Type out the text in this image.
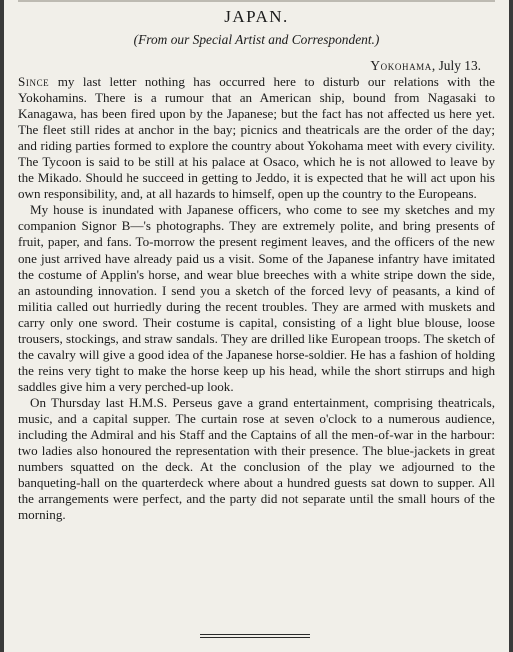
JAPAN.

(From our Special Artist and Correspondent.)

Yokohama, July 13.

Since my last letter nothing has occurred here to disturb our relations with the Yokohamins. There is a rumour that an American ship, bound from Nagasaki to Kanagawa, has been fired upon by the Japanese; but the fact has not affected us here yet. The fleet still rides at anchor in the bay; picnics and theatricals are the order of the day; and riding parties formed to explore the country about Yokohama meet with every civility. The Tycoon is said to be still at his palace at Osaco, which he is not allowed to leave by the Mikado. Should he succeed in getting to Jeddo, it is expected that he will act upon his own responsibility, and, at all hazards to himself, open up the country to the Europeans.

My house is inundated with Japanese officers, who come to see my sketches and my companion Signor B—'s photographs. They are extremely polite, and bring presents of fruit, paper, and fans. To-morrow the present regiment leaves, and the officers of the new one just arrived have already paid us a visit. Some of the Japanese infantry have imitated the costume of Applin's horse, and wear blue breeches with a white stripe down the side, an astounding innovation. I send you a sketch of the forced levy of peasants, a kind of militia called out hurriedly during the recent troubles. They are armed with muskets and carry only one sword. Their costume is capital, consisting of a light blue blouse, loose trousers, stockings, and straw sandals. They are drilled like European troops. The sketch of the cavalry will give a good idea of the Japanese horse-soldier. He has a fashion of holding the reins very tight to make the horse keep up his head, while the short stirrups and high saddles give him a very perched-up look.

On Thursday last H.M.S. Perseus gave a grand entertainment, comprising theatricals, music, and a capital supper. The curtain rose at seven o'clock to a numerous audience, including the Admiral and his Staff and the Captains of all the men-of-war in the harbour: two ladies also honoured the representation with their presence. The blue-jackets in great numbers squatted on the deck. At the conclusion of the play we adjourned to the banqueting-hall on the quarterdeck where about a hundred guests sat down to supper. All the arrangements were perfect, and the party did not separate until the small hours of the morning.
